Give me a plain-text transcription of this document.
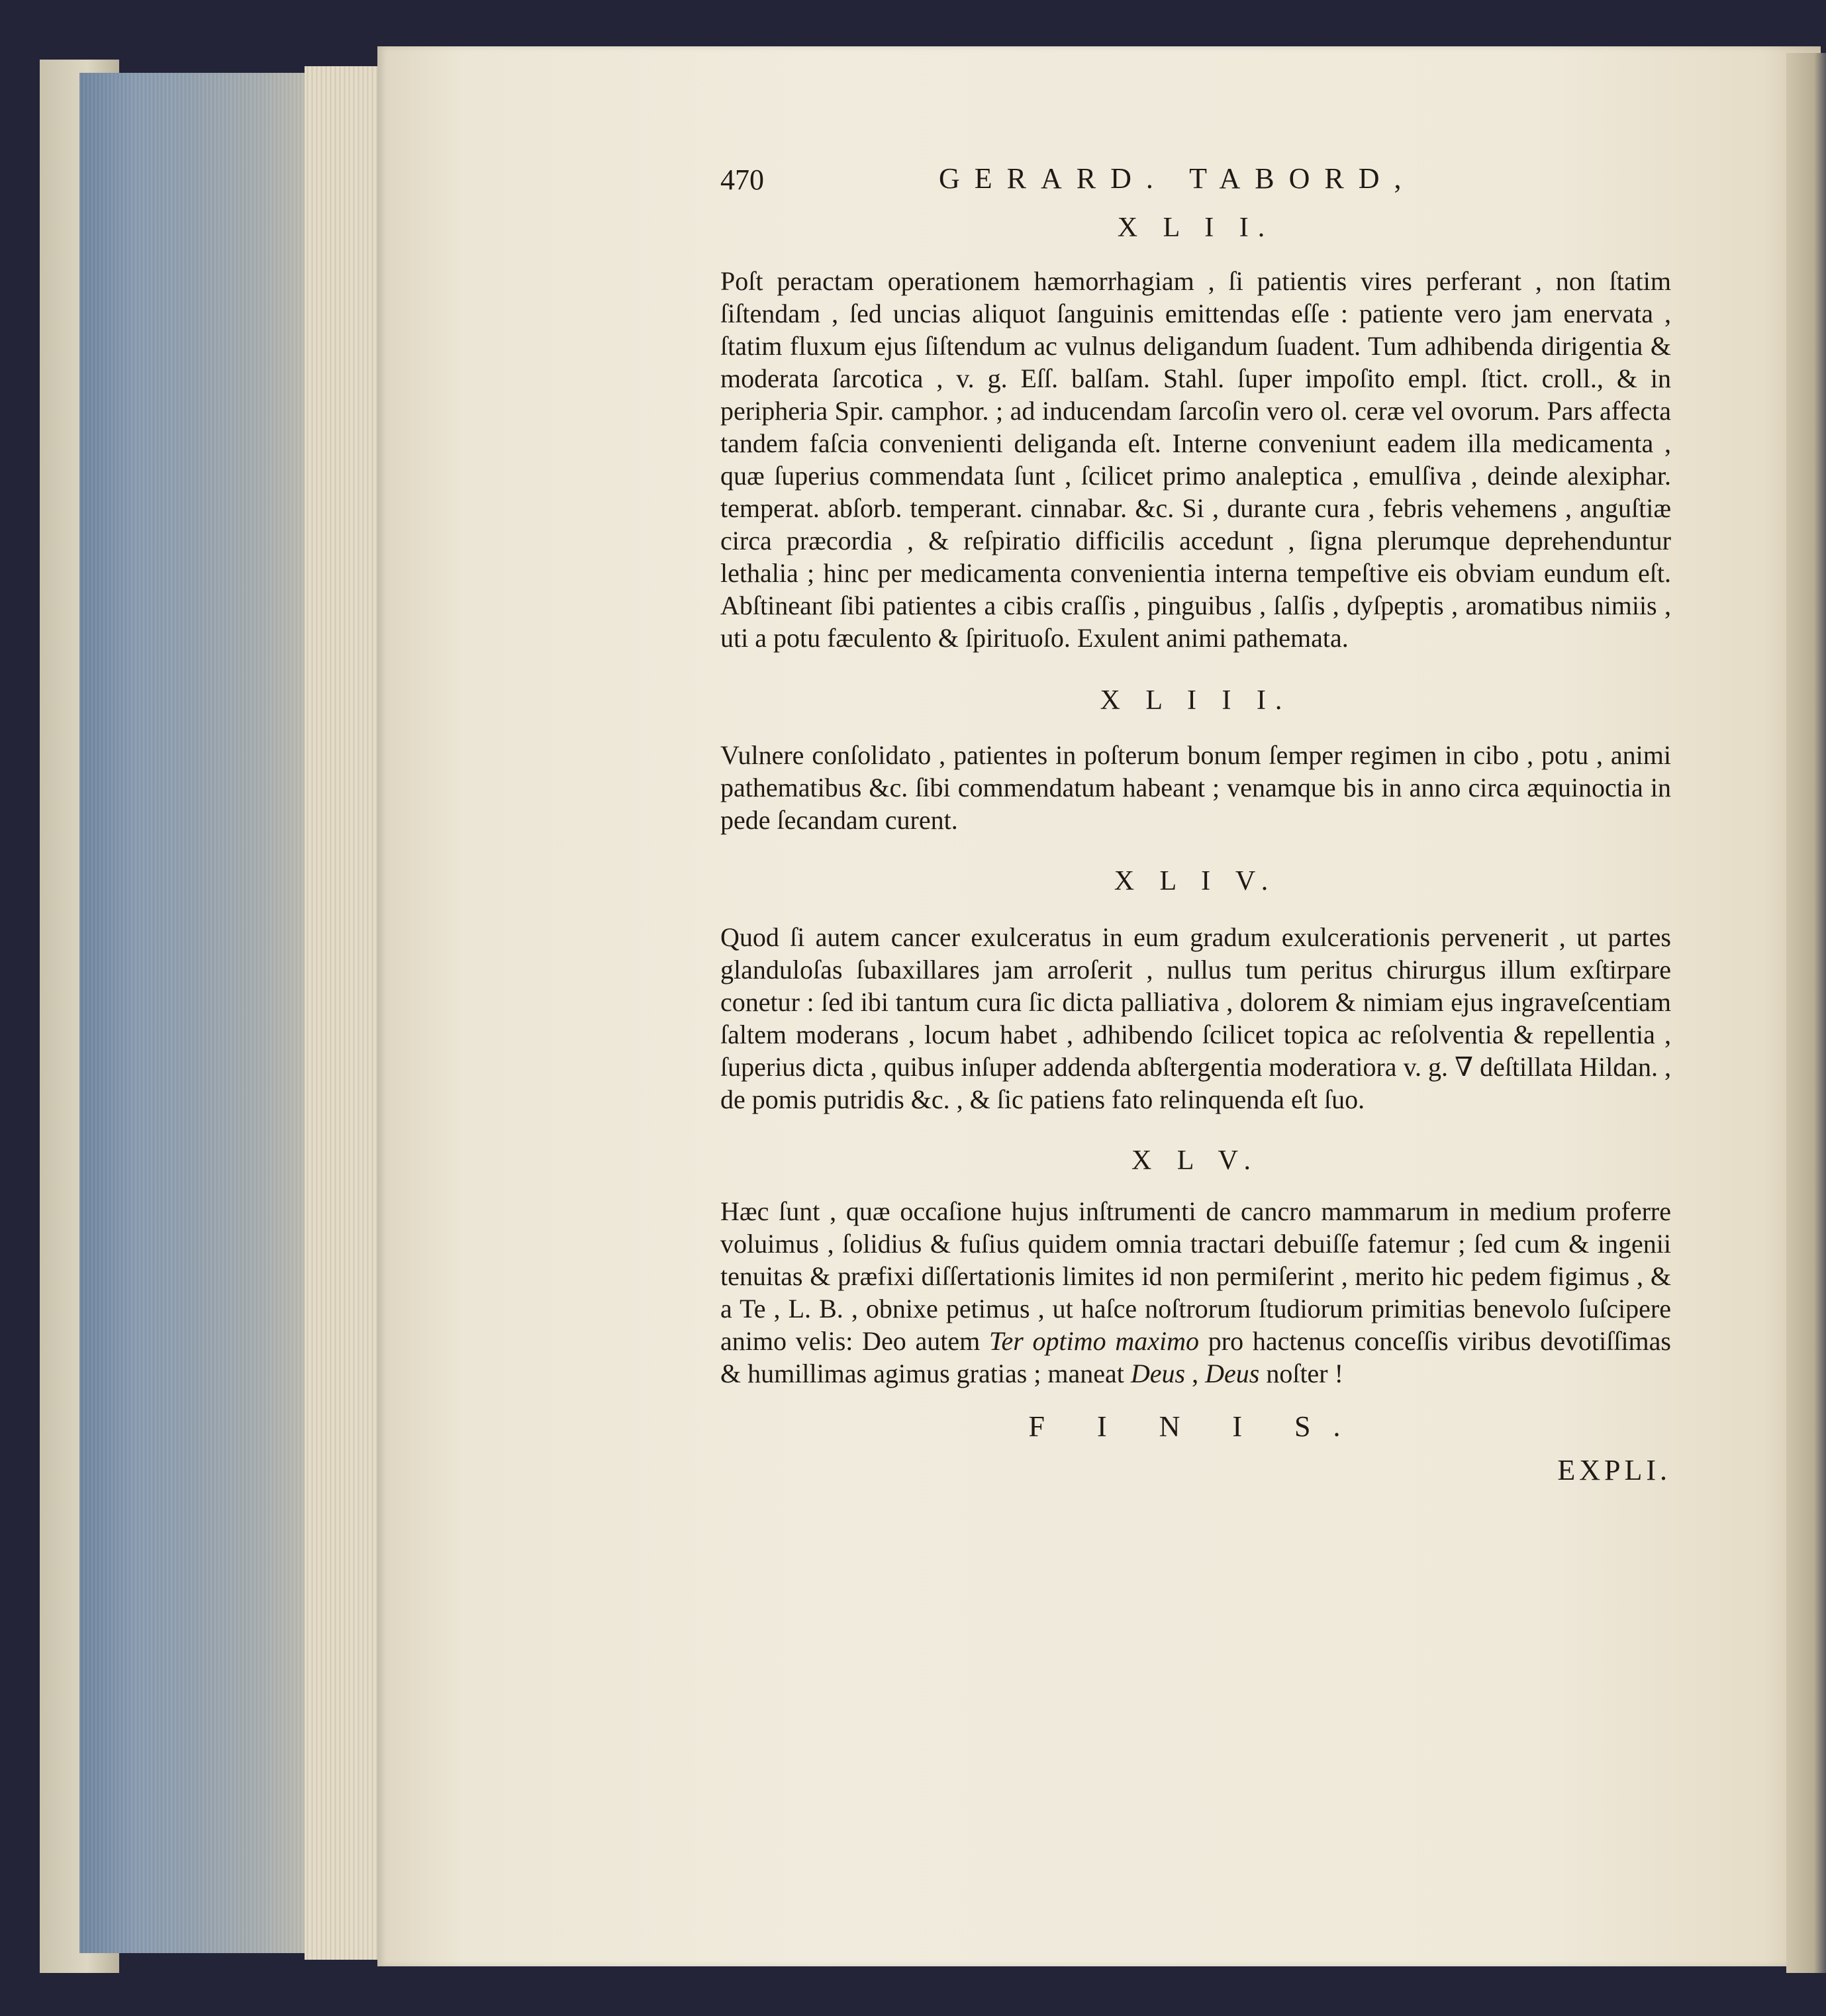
470	GERARD. TABORD,

X L I I.

Poſt peractam operationem hæmorrhagiam , ſi patientis vires perferant , non ſtatim ſiſtendam , ſed uncias aliquot ſanguinis emittendas eſſe : patiente vero jam enervata , ſtatim fluxum ejus ſiſtendum ac vulnus deligandum ſuadent. Tum adhibenda dirigentia & moderata ſarcotica , v. g. Eſſ. balſam. Stahl. ſuper impoſito empl. ſtict. croll., & in peripheria Spir. camphor. ; ad inducendam ſarcoſin vero ol. ceræ vel ovorum. Pars affecta tandem faſcia convenienti deliganda eſt. Interne conveniunt eadem illa medicamenta , quæ ſuperius commendata ſunt , ſcilicet primo analeptica , emulſiva , deinde alexiphar. temperat. abſorb. temperant. cinnabar. &c. Si , durante cura , febris vehemens , anguſtiæ circa præcordia , & reſpiratio difficilis accedunt , ſigna plerumque deprehenduntur lethalia ; hinc per medicamenta convenientia interna tempeſtive eis obviam eundum eſt. Abſtineant ſibi patientes a cibis craſſis , pinguibus , ſalſis , dyſpeptis , aromatibus nimiis , uti a potu fæculento & ſpirituoſo. Exulent animi pathemata.

X L I I I.

Vulnere conſolidato , patientes in poſterum bonum ſemper regimen in cibo , potu , animi pathematibus &c. ſibi commendatum habeant ; venamque bis in anno circa æquinoctia in pede ſecandam curent.

X L I V.

Quod ſi autem cancer exulceratus in eum gradum exulcerationis pervenerit , ut partes glanduloſas ſubaxillares jam arroſerit , nullus tum peritus chirurgus illum exſtirpare conetur : ſed ibi tantum cura ſic dicta palliativa , dolorem & nimiam ejus ingraveſcentiam ſaltem moderans , locum habet , adhibendo ſcilicet topica ac reſolventia & repellentia , ſuperius dicta , quibus inſuper addenda abſtergentia moderatiora v. g. ∇ deſtillata Hildan. , de pomis putridis &c. , & ſic patiens fato relinquenda eſt ſuo.

X L V.

Hæc ſunt , quæ occaſione hujus inſtrumenti de cancro mammarum in medium proferre voluimus , ſolidius & fuſius quidem omnia tractari debuiſſe fatemur ; ſed cum & ingenii tenuitas & præfixi diſſertationis limites id non permiſerint , merito hic pedem figimus , & a Te , L. B. , obnixe petimus , ut haſce noſtrorum ſtudiorum primitias benevolo ſuſcipere animo velis: Deo autem Ter optimo maximo pro hactenus conceſſis viribus devotiſſimas & humillimas agimus gratias ; maneat Deus , Deus noſter !

F I N I S.
EXPLI.
